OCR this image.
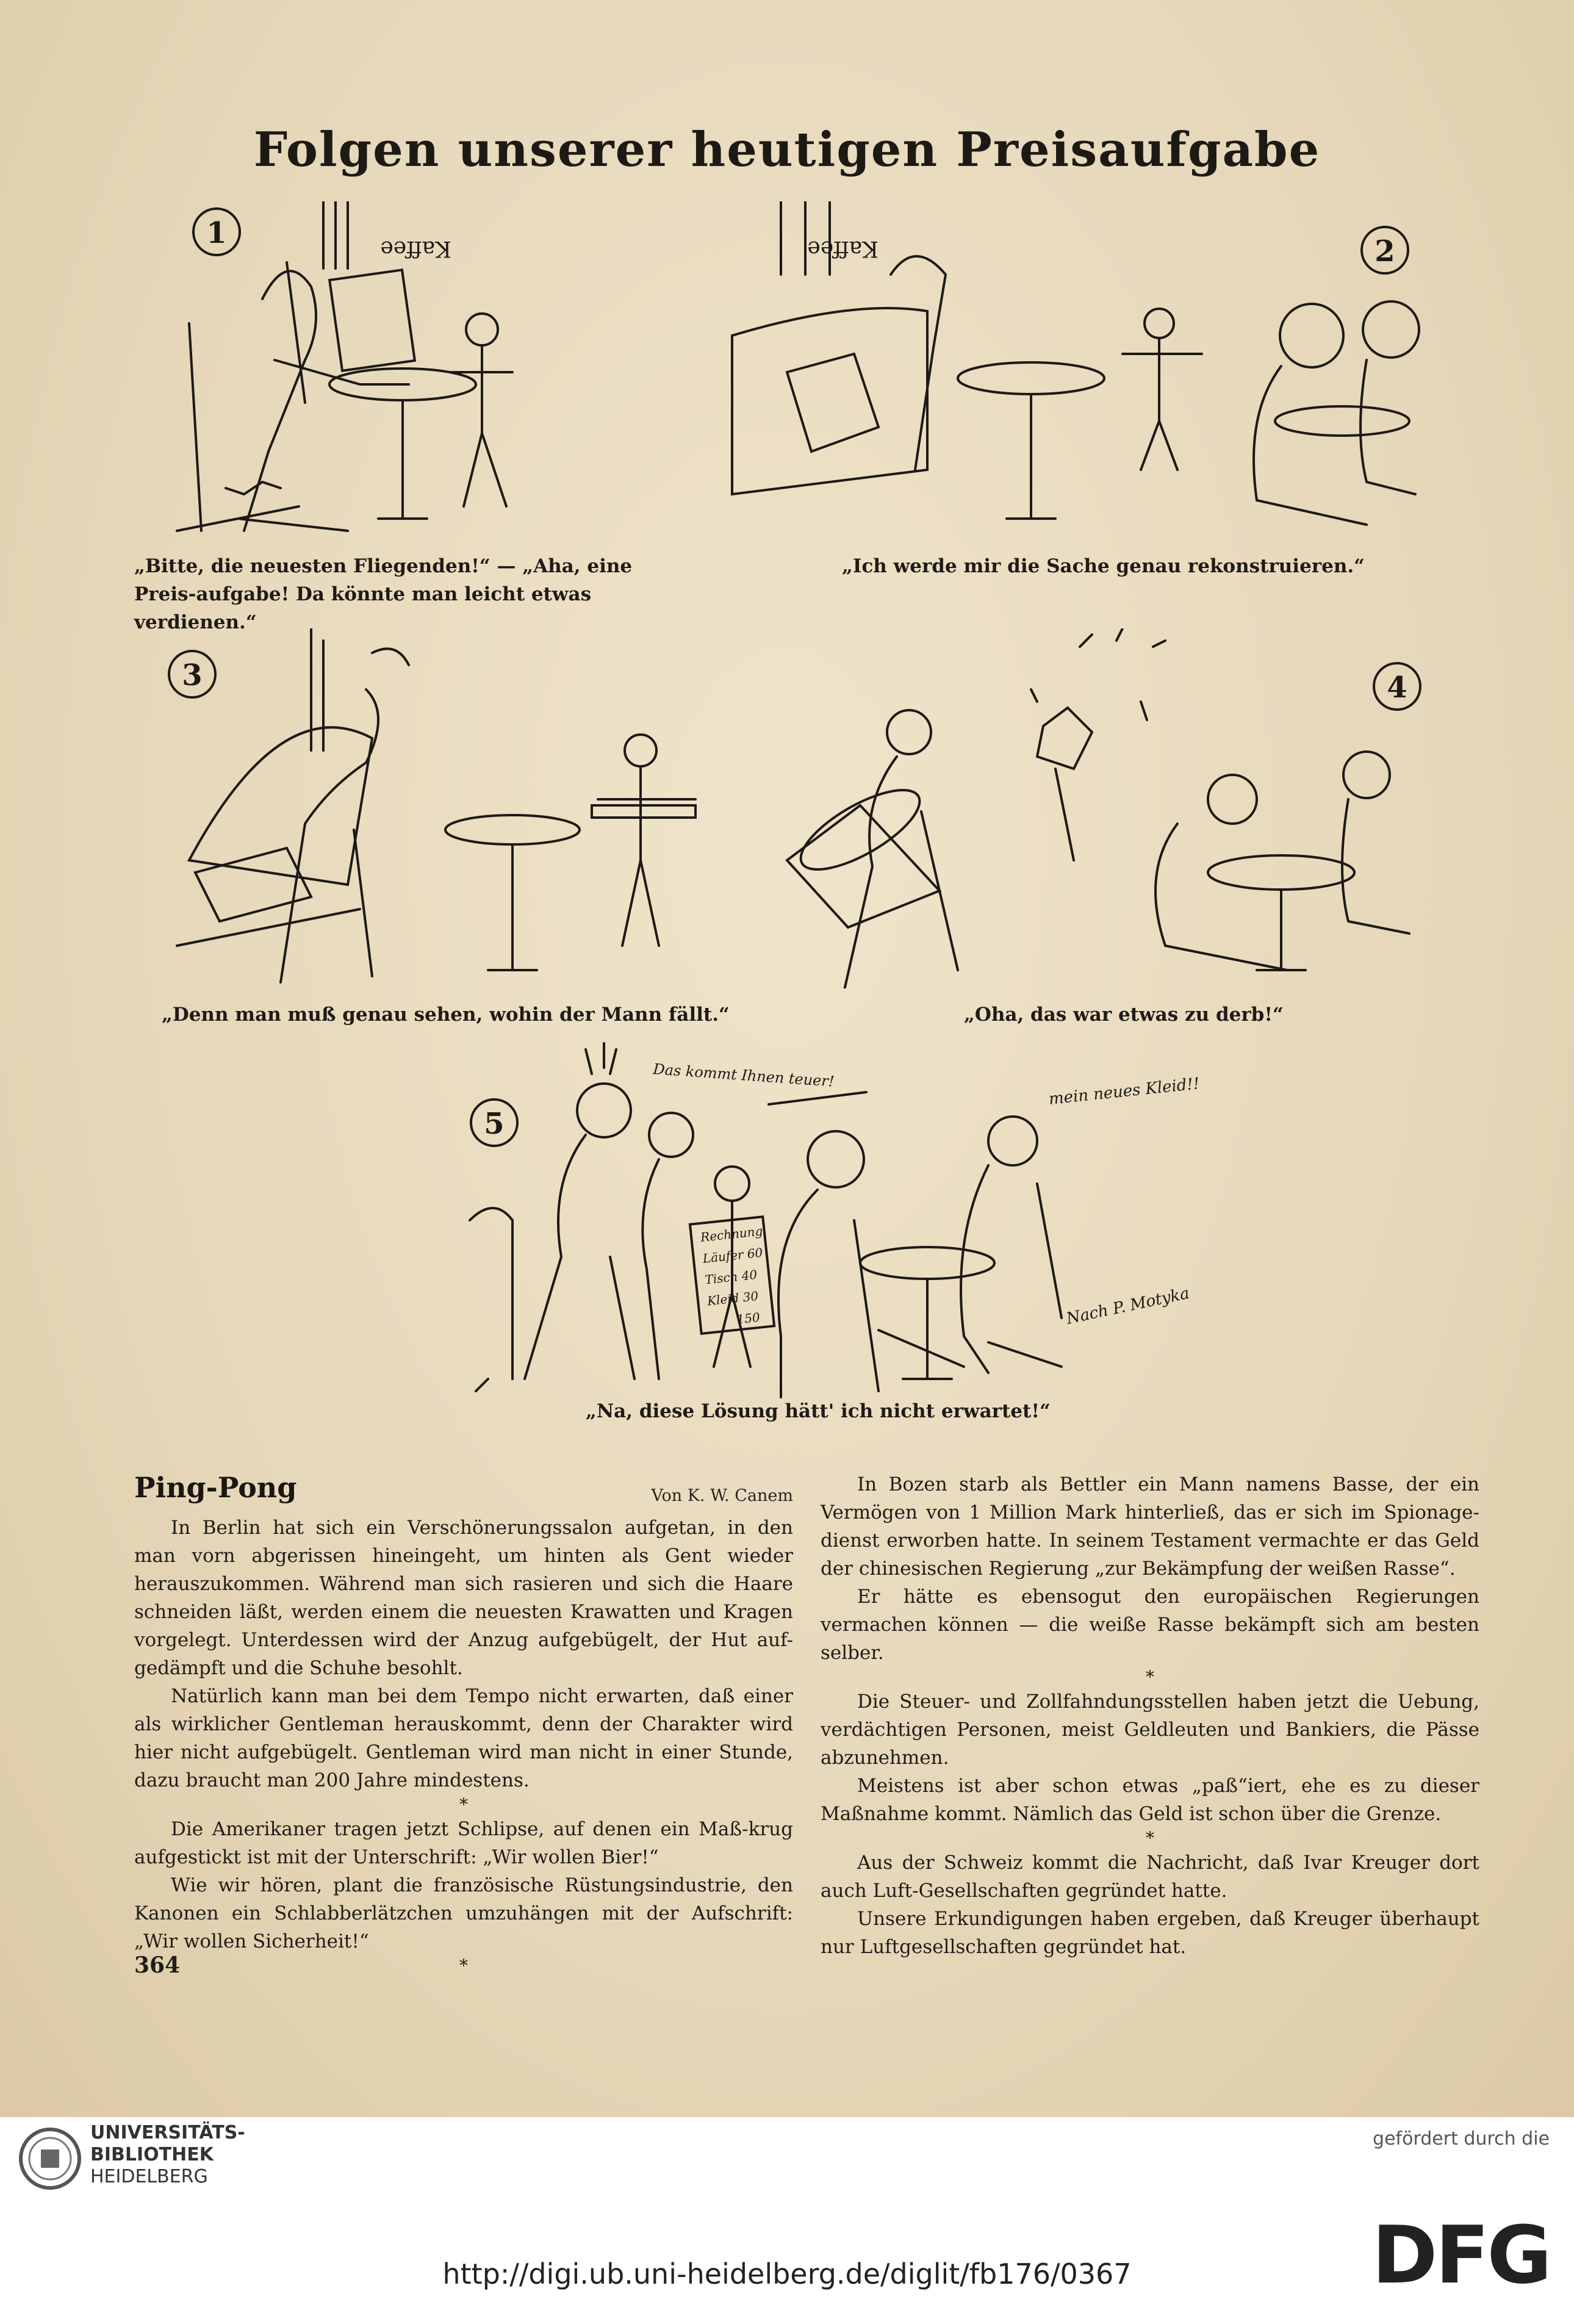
Folgen unserer heutigen Preisaufgabe
1	Kaffee
„Bitte, die neuesten Fliegenden!“ — „Aha, eine Preis-aufgabe! Da könnte man leicht etwas verdienen.“
2
Kaffee
„Ich werde mir die Sache genau rekonstruieren.“
3
„Denn man muß genau sehen, wohin der Mann fällt.“
4
„Oha, das war etwas zu derb!“
5
Das kommt Ihnen teuer!	mein neues Kleid!!
Rechnung
Läufer 60
Tisch 40
Kleid 30
150	Nach P. Motyka
„Na, diese Lösung hätt' ich nicht erwartet!“
Ping-Pong	Von K. W. Canem

In Berlin hat sich ein Verschönerungssalon aufgetan, in den man vorn abgerissen hineingeht, um hinten als Gent wieder herauszukommen. Während man sich rasieren und sich die Haare schneiden läßt, werden einem die neuesten Krawatten und Kragen vorgelegt. Unterdessen wird der Anzug aufgebügelt, der Hut auf-gedämpft und die Schuhe besohlt.

Natürlich kann man bei dem Tempo nicht erwarten, daß einer als wirklicher Gentleman herauskommt, denn der Charakter wird hier nicht aufgebügelt. Gentleman wird man nicht in einer Stunde, dazu braucht man 200 Jahre mindestens.

*

Die Amerikaner tragen jetzt Schlipse, auf denen ein Maß-krug aufgestickt ist mit der Unterschrift: „Wir wollen Bier!“

Wie wir hören, plant die französische Rüstungsindustrie, den Kanonen ein Schlabberlätzchen umzuhängen mit der Aufschrift: „Wir wollen Sicherheit!“

*

In Bozen starb als Bettler ein Mann namens Basse, der ein Vermögen von 1 Million Mark hinterließ, das er sich im Spionage-dienst erworben hatte. In seinem Testament vermachte er das Geld der chinesischen Regierung „zur Bekämpfung der weißen Rasse“.

Er hätte es ebensogut den europäischen Regierungen vermachen können — die weiße Rasse bekämpft sich am besten selber.

*

Die Steuer- und Zollfahndungsstellen haben jetzt die Uebung, verdächtigen Personen, meist Geldleuten und Bankiers, die Pässe abzunehmen.

Meistens ist aber schon etwas „paß“iert, ehe es zu dieser Maßnahme kommt. Nämlich das Geld ist schon über die Grenze.

*

Aus der Schweiz kommt die Nachricht, daß Ivar Kreuger dort auch Luft-Gesellschaften gegründet hatte.

Unsere Erkundigungen haben ergeben, daß Kreuger überhaupt nur Luftgesellschaften gegründet hat.

364
UNIVERSITÄTS-
BIBLIOTHEK
HEIDELBERG
http://digi.ub.uni-heidelberg.de/diglit/fb176/0367
gefördert durch die
DFG
